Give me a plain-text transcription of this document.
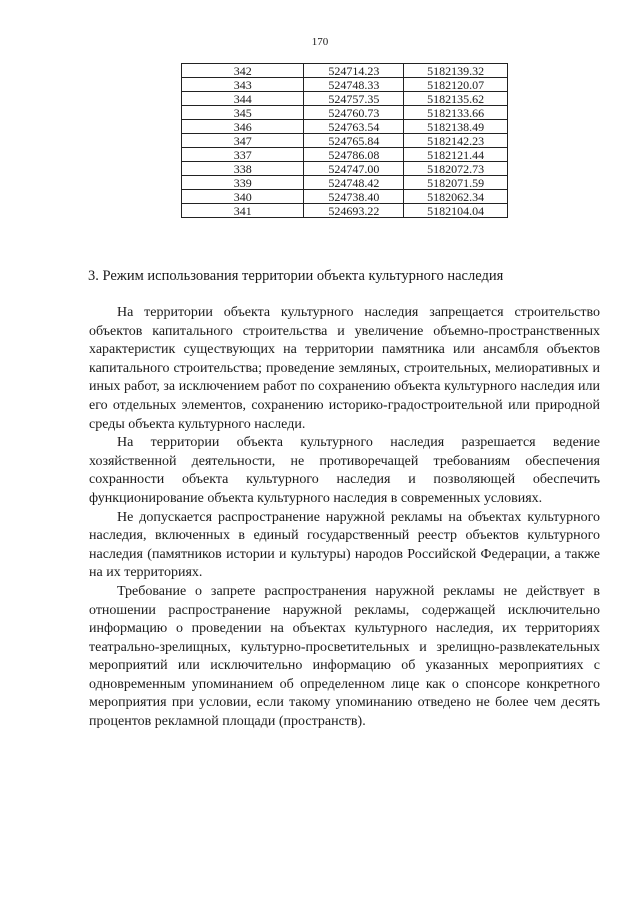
170
342	524714.23	5182139.32
343	524748.33	5182120.07
344	524757.35	5182135.62
345	524760.73	5182133.66
346	524763.54	5182138.49
347	524765.84	5182142.23
337	524786.08	5182121.44
338	524747.00	5182072.73
339	524748.42	5182071.59
340	524738.40	5182062.34
341	524693.22	5182104.04
3. Режим использования территории объекта культурного наследия

На территории объекта культурного наследия запрещается строительство объектов капитального строительства и увеличение объемно-пространственных характеристик существующих на территории памятника или ансамбля объектов капитального строительства; проведение земляных, строительных, мелиоративных и иных работ, за исключением работ по сохранению объекта культурного наследия или его отдельных элементов, сохранению историко-градостроительной или природной среды объекта культурного наследи.

На территории объекта культурного наследия разрешается ведение хозяйственной деятельности, не противоречащей требованиям обеспечения сохранности объекта культурного наследия и позволяющей обеспечить функционирование объекта культурного наследия в современных условиях.

Не допускается распространение наружной рекламы на объектах культурного наследия, включенных в единый государственный реестр объектов культурного наследия (памятников истории и культуры) народов Российской Федерации, а также на их территориях.

Требование о запрете распространения наружной рекламы не действует в отношении распространение наружной рекламы, содержащей исключительно информацию о проведении на объектах культурного наследия, их территориях театрально-зрелищных, культурно-просветительных и зрелищно-развлекательных мероприятий или исключительно информацию об указанных мероприятиях с одновременным упоминанием об определенном лице как о спонсоре конкретного мероприятия при условии, если такому упоминанию отведено не более чем десять процентов рекламной площади (пространств).
